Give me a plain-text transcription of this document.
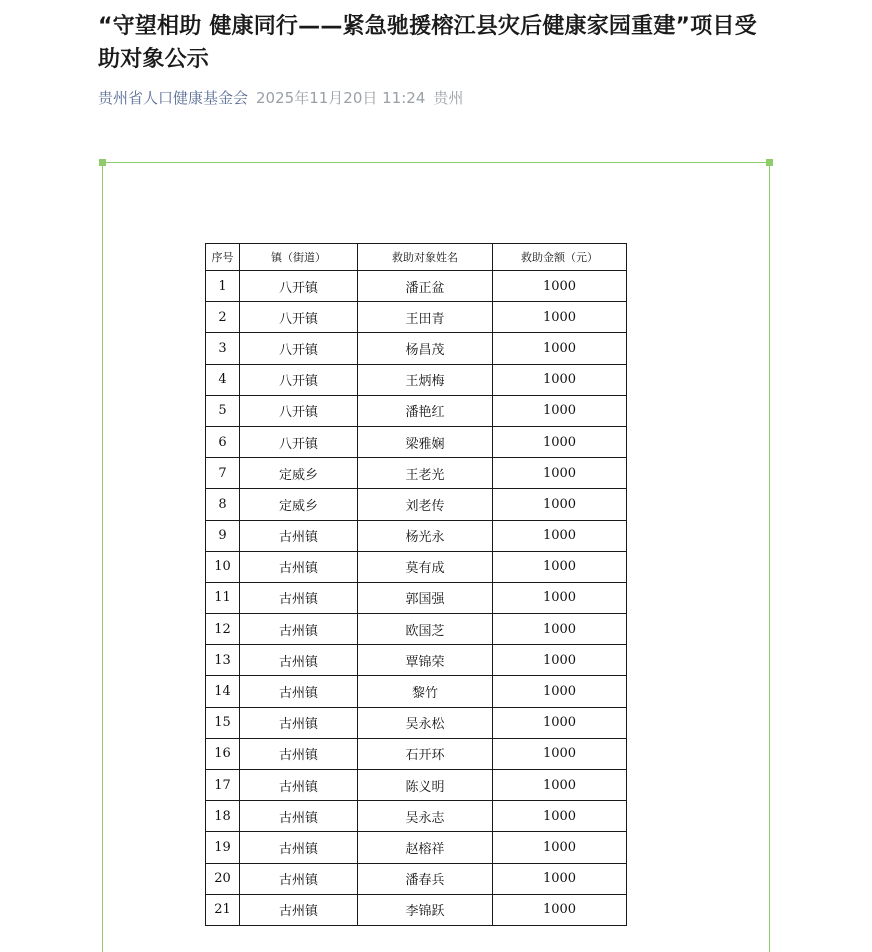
“守望相助 健康同行——紧急驰援榕江县灾后健康家园重建”项目受助对象公示
贵州省人口健康基金会 2025年11月20日 11:24 贵州
序号	镇（街道）	救助对象姓名	救助金额（元）
1	八开镇	潘正盆	1000
2	八开镇	王田青	1000
3	八开镇	杨昌茂	1000
4	八开镇	王炳梅	1000
5	八开镇	潘艳红	1000
6	八开镇	梁雅娴	1000
7	定威乡	王老光	1000
8	定威乡	刘老传	1000
9	古州镇	杨光永	1000
10	古州镇	莫有成	1000
11	古州镇	郭国强	1000
12	古州镇	欧国芝	1000
13	古州镇	覃锦荣	1000
14	古州镇	黎竹	1000
15	古州镇	吴永松	1000
16	古州镇	石开环	1000
17	古州镇	陈义明	1000
18	古州镇	吴永志	1000
19	古州镇	赵榕祥	1000
20	古州镇	潘春兵	1000
21	古州镇	李锦跃	1000
